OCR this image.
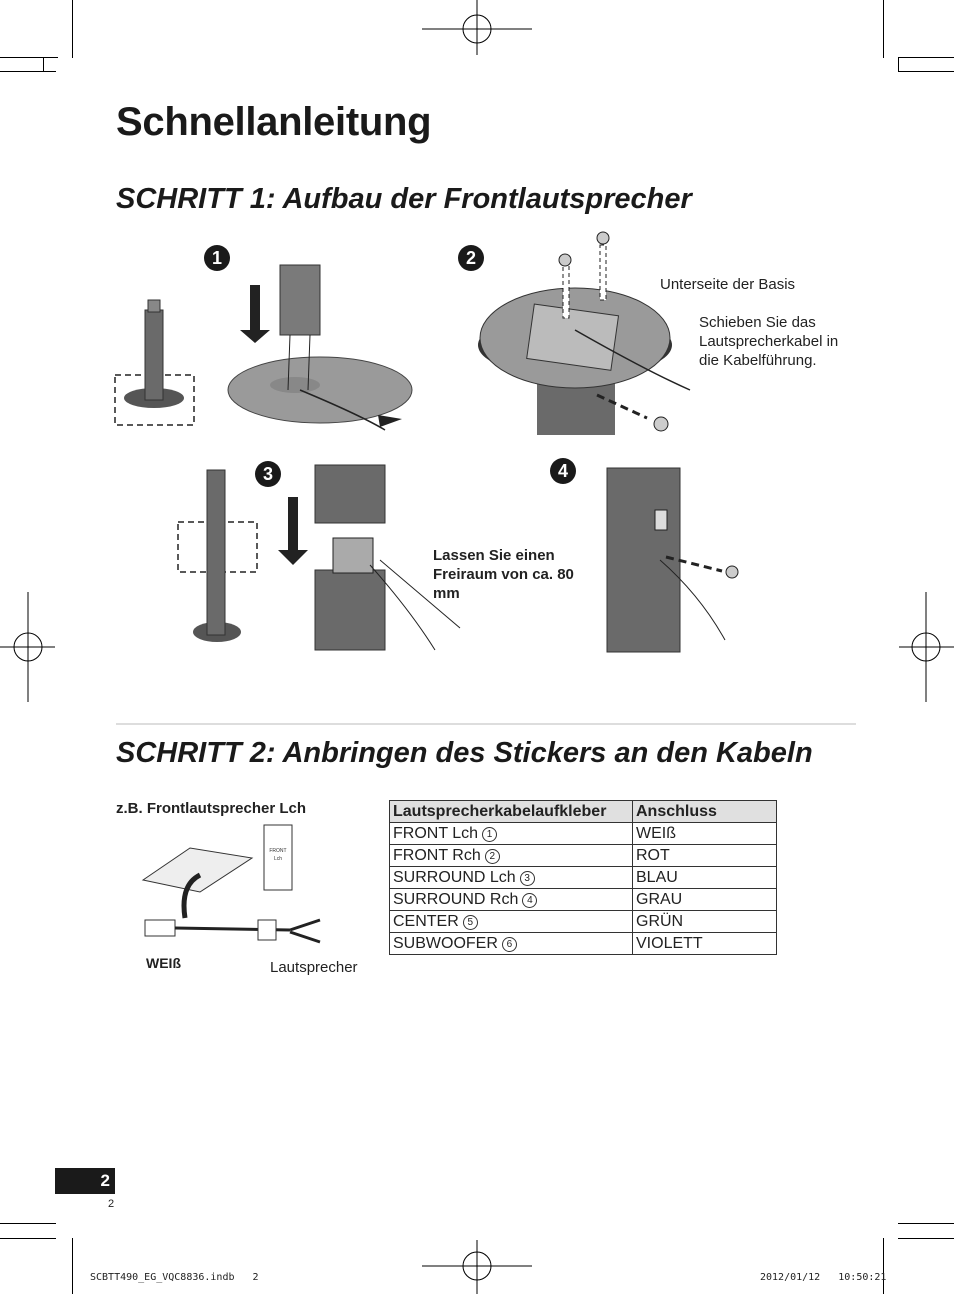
Schnellanleitung
SCHRITT 1: Aufbau der Frontlautsprecher
1	2
3	4
Unterseite der Basis
Schieben Sie das Lautsprecherkabel in die Kabelführung.
Lassen Sie einen Freiraum von ca. 80 mm
SCHRITT 2: Anbringen des Stickers an den Kabeln
z.B. Frontlautsprecher Lch
FRONT
Lch
WEIß	Lautsprecher
Lautsprecherkabelaufkleber	Anschluss
FRONT Lch 1	WEIß
FRONT Rch 2	ROT
SURROUND Lch 3	BLAU
SURROUND Rch 4	GRAU
CENTER 5	GRÜN
SUBWOOFER 6	VIOLETT
2
2
SCBTT490_EG_VQC8836.indb   2	2012/01/12   10:50:21
